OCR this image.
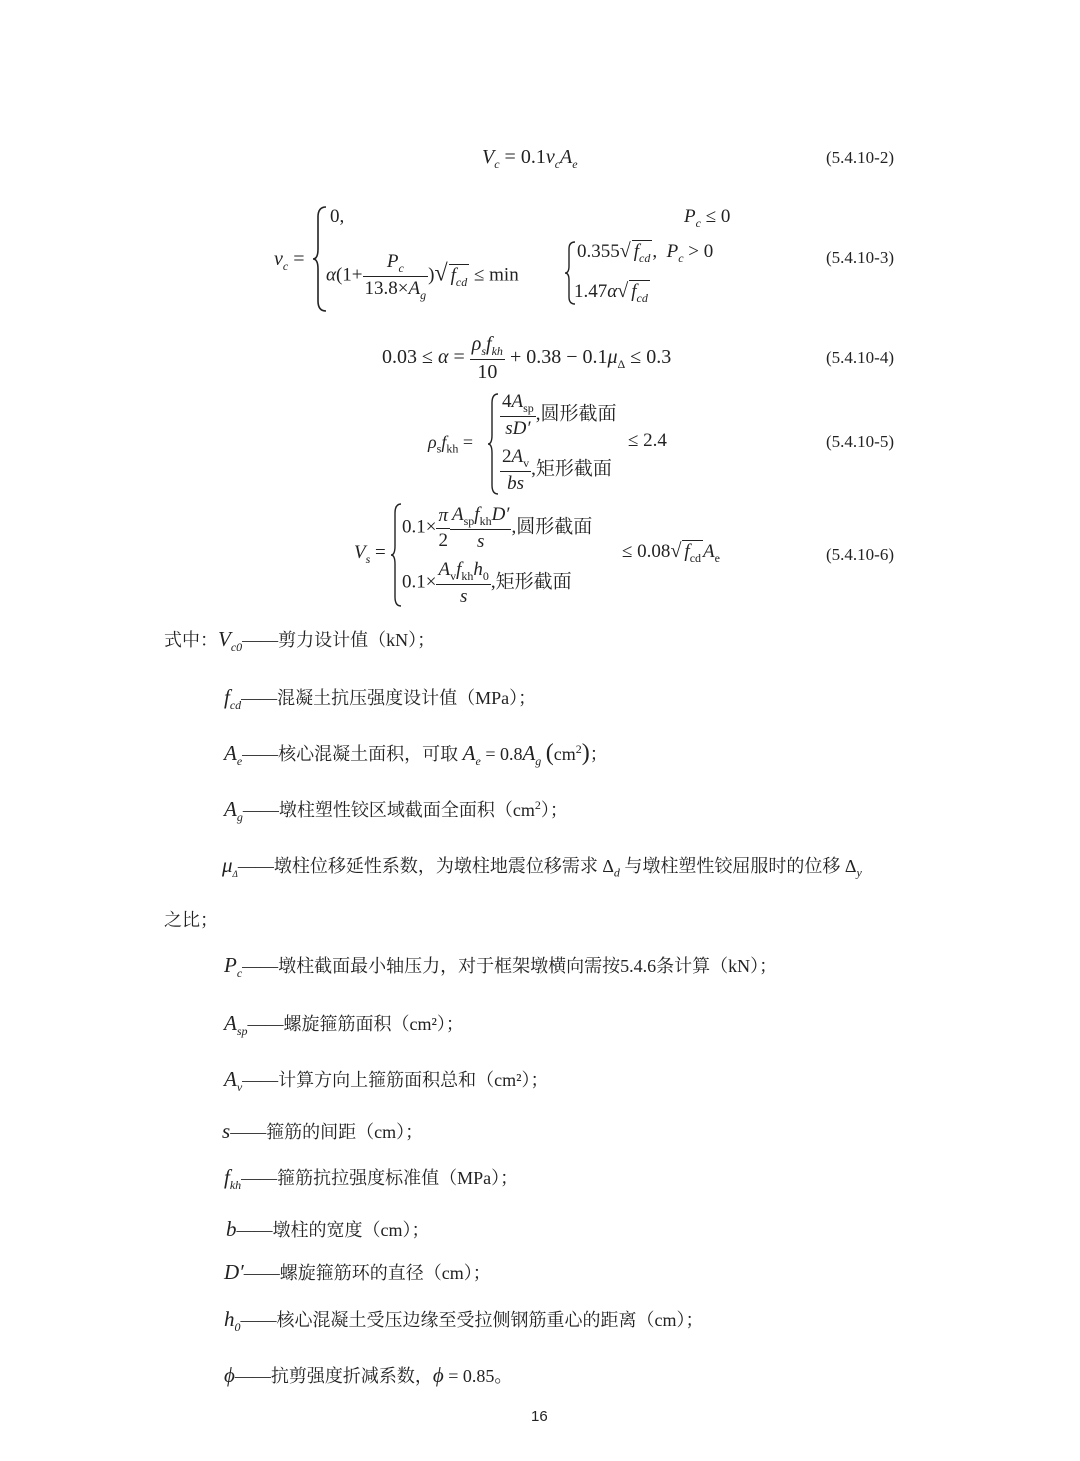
$V_c = 0.1v_cA_e$	(5.4.10-2)
$v_c$ =
0,	$P_c \le 0$
$\alpha(1+ \frac{P_c}{13.8\times A_g}$ )√ $f_{cd} \le \min$
0.355√ $f_{cd}$ ,  $P_c > 0$
1.47α√ $f_{cd}$
(5.4.10-3)
$0.03 \le \alpha = \frac{\rho_sf_{kh}}{10} + 0.38 - 0.1\mu_\Delta \le 0.3$	(5.4.10-4)
$\rho_sf_{kh}$ =
$\frac{4A_{sp}}{sD'}$ ,圆形截面
≤ 2.4
$\frac{2A_v}{bs}$ ,矩形截面
(5.4.10-5)
$V_s$ =
$0.1\times \frac{\pi}{2} \frac{A_{sp}f_{kh}D'}{s}$ ,圆形截面
≤ 0.08√ $f_{cd}$ $A_e$
$0.1\times \frac{A_vf_{kh}h_0}{s}$ ,矩形截面
(5.4.10-6)
式中：$V_{c0}——$剪力设计值（kN）；
$f_{cd}——$混凝土抗压强度设计值（MPa）；
$A_e——$核心混凝土面积，可取 $A_e = 0.8A_g$ $(cm^2)$；
$A_g——$墩柱塑性铰区域截面全面积$(cm^2)$；
$\mu_\Delta——$墩柱位移延性系数，为墩柱地震位移需求 $\Delta_d$ 与墩柱塑性铰屈服时的位移 $\Delta_y$
之比；
$P_c——$墩柱截面最小轴压力，对于框架墩横向需按5.4.6条计算（kN）；
$A_{sp}——$螺旋箍筋面积（cm²）；
$A_v——$计算方向上箍筋面积总和（cm²）；
s——箍筋的间距（cm）；
$f_{kh}——$箍筋抗拉强度标准值（MPa）；
b——墩柱的宽度（cm）；
D′——螺旋箍筋环的直径（cm）；
$h_0——$核心混凝土受压边缘至受拉侧钢筋重心的距离（cm）；
ϕ——抗剪强度折减系数，ϕ = 0.85。
16
